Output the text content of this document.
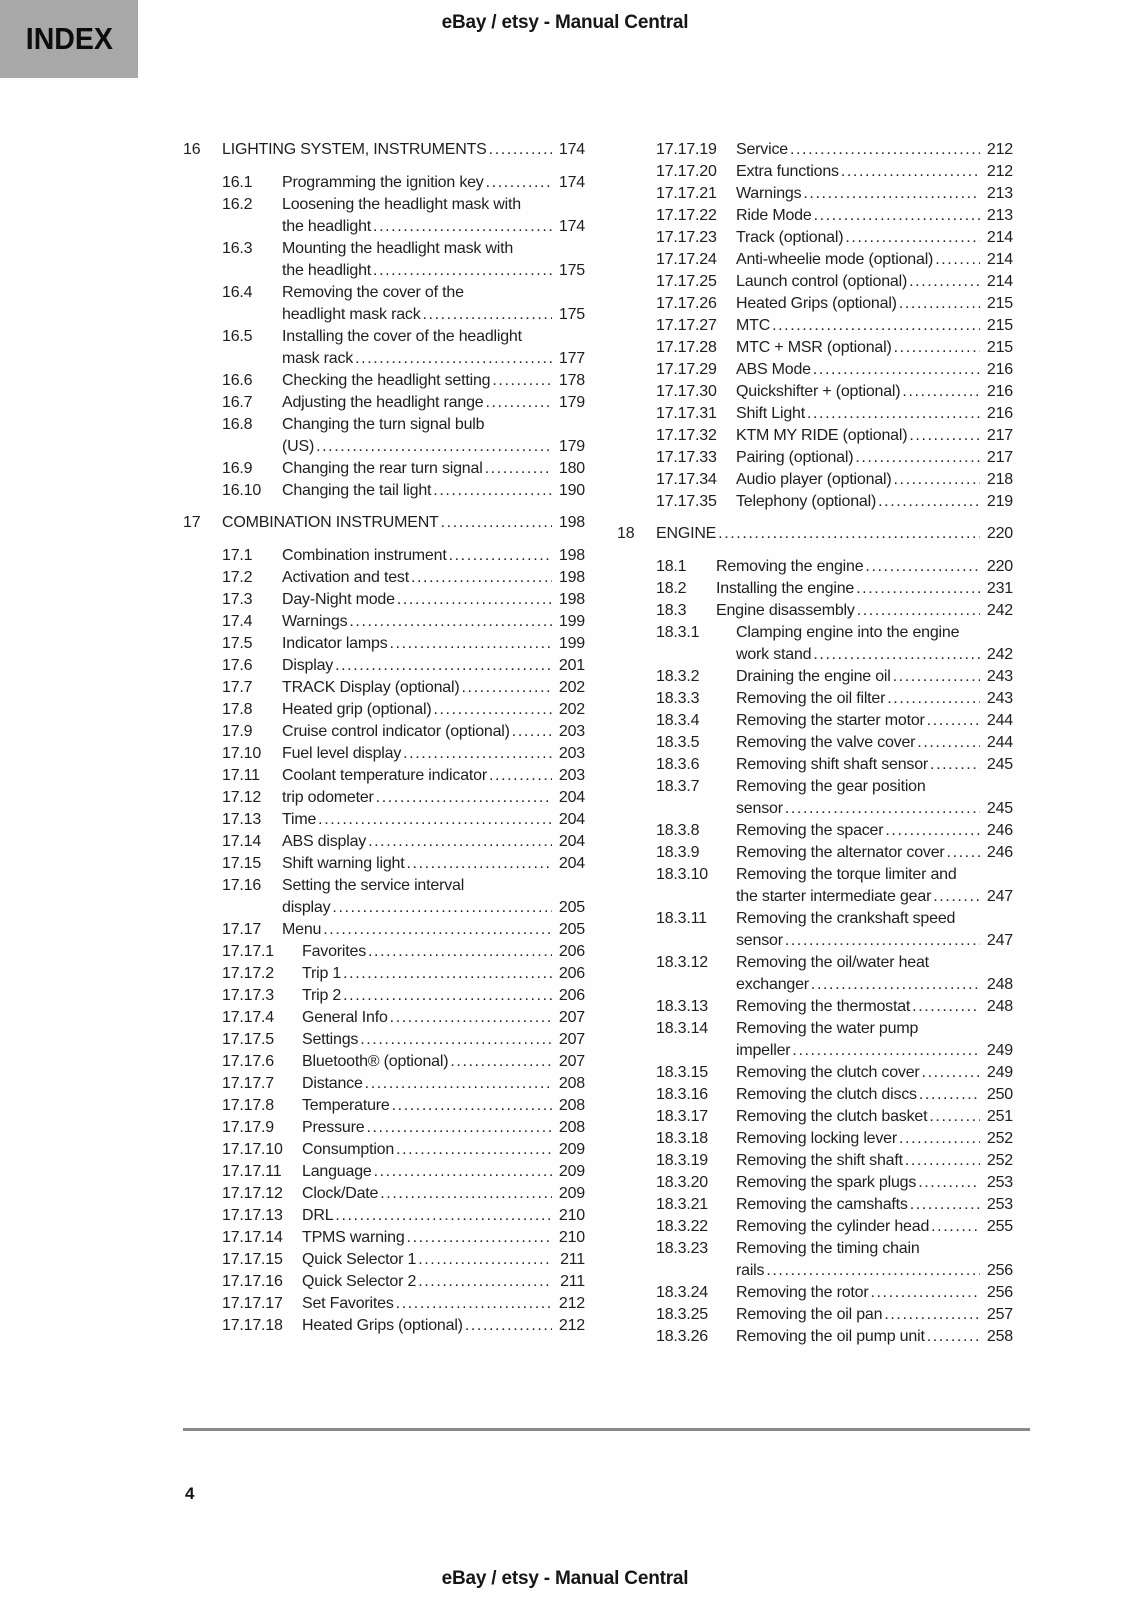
INDEX	eBay / etsy - Manual Central
16	LIGHTING SYSTEM, INSTRUMENTS .....	174
16.1	Programming the ignition key .....	174
16.2	Loosening the headlight mask with
the headlight .....	174
16.3	Mounting the headlight mask with
the headlight .....	175
16.4	Removing the cover of the
headlight mask rack .....	175
16.5	Installing the cover of the headlight
mask rack .....	177
16.6	Checking the headlight setting .....	178
16.7	Adjusting the headlight range .....	179
16.8	Changing the turn signal bulb
(US) .....	179
16.9	Changing the rear turn signal .....	180
16.10	Changing the tail light .....	190
17	COMBINATION INSTRUMENT .....	198
17.1	Combination instrument .....	198
17.2	Activation and test .....	198
17.3	Day-Night mode .....	198
17.4	Warnings .....	199
17.5	Indicator lamps .....	199
17.6	Display .....	201
17.7	TRACK Display (optional) .....	202
17.8	Heated grip (optional) .....	202
17.9	Cruise control indicator (optional) .....	203
17.10	Fuel level display .....	203
17.11	Coolant temperature indicator .....	203
17.12	trip odometer .....	204
17.13	Time .....	204
17.14	ABS display .....	204
17.15	Shift warning light .....	204
17.16	Setting the service interval
display .....	205
17.17	Menu .....	205
17.17.1	Favorites .....	206
17.17.2	Trip 1 .....	206
17.17.3	Trip 2 .....	206
17.17.4	General Info .....	207
17.17.5	Settings .....	207
17.17.6	Bluetooth® (optional) .....	207
17.17.7	Distance .....	208
17.17.8	Temperature .....	208
17.17.9	Pressure .....	208
17.17.10	Consumption .....	209
17.17.11	Language .....	209
17.17.12	Clock/Date .....	209
17.17.13	DRL .....	210
17.17.14	TPMS warning .....	210
17.17.15	Quick Selector 1 .....	211
17.17.16	Quick Selector 2 .....	211
17.17.17	Set Favorites .....	212
17.17.18	Heated Grips (optional) .....	212
17.17.19	Service .....	212
17.17.20	Extra functions .....	212
17.17.21	Warnings .....	213
17.17.22	Ride Mode .....	213
17.17.23	Track (optional) .....	214
17.17.24	Anti-wheelie mode (optional) .....	214
17.17.25	Launch control (optional) .....	214
17.17.26	Heated Grips (optional) .....	215
17.17.27	MTC .....	215
17.17.28	MTC + MSR (optional) .....	215
17.17.29	ABS Mode .....	216
17.17.30	Quickshifter + (optional) .....	216
17.17.31	Shift Light .....	216
17.17.32	KTM MY RIDE (optional) .....	217
17.17.33	Pairing (optional) .....	217
17.17.34	Audio player (optional) .....	218
17.17.35	Telephony (optional) .....	219
18	ENGINE .....	220
18.1	Removing the engine .....	220
18.2	Installing the engine .....	231
18.3	Engine disassembly .....	242
18.3.1	Clamping engine into the engine
work stand .....	242
18.3.2	Draining the engine oil .....	243
18.3.3	Removing the oil filter .....	243
18.3.4	Removing the starter motor .....	244
18.3.5	Removing the valve cover .....	244
18.3.6	Removing shift shaft sensor .....	245
18.3.7	Removing the gear position
sensor .....	245
18.3.8	Removing the spacer .....	246
18.3.9	Removing the alternator cover .....	246
18.3.10	Removing the torque limiter and
the starter intermediate gear .....	247
18.3.11	Removing the crankshaft speed
sensor .....	247
18.3.12	Removing the oil/water heat
exchanger .....	248
18.3.13	Removing the thermostat .....	248
18.3.14	Removing the water pump
impeller .....	249
18.3.15	Removing the clutch cover .....	249
18.3.16	Removing the clutch discs .....	250
18.3.17	Removing the clutch basket .....	251
18.3.18	Removing locking lever .....	252
18.3.19	Removing the shift shaft .....	252
18.3.20	Removing the spark plugs .....	253
18.3.21	Removing the camshafts .....	253
18.3.22	Removing the cylinder head .....	255
18.3.23	Removing the timing chain
rails .....	256
18.3.24	Removing the rotor .....	256
18.3.25	Removing the oil pan .....	257
18.3.26	Removing the oil pump unit .....	258
4
eBay / etsy - Manual Central
